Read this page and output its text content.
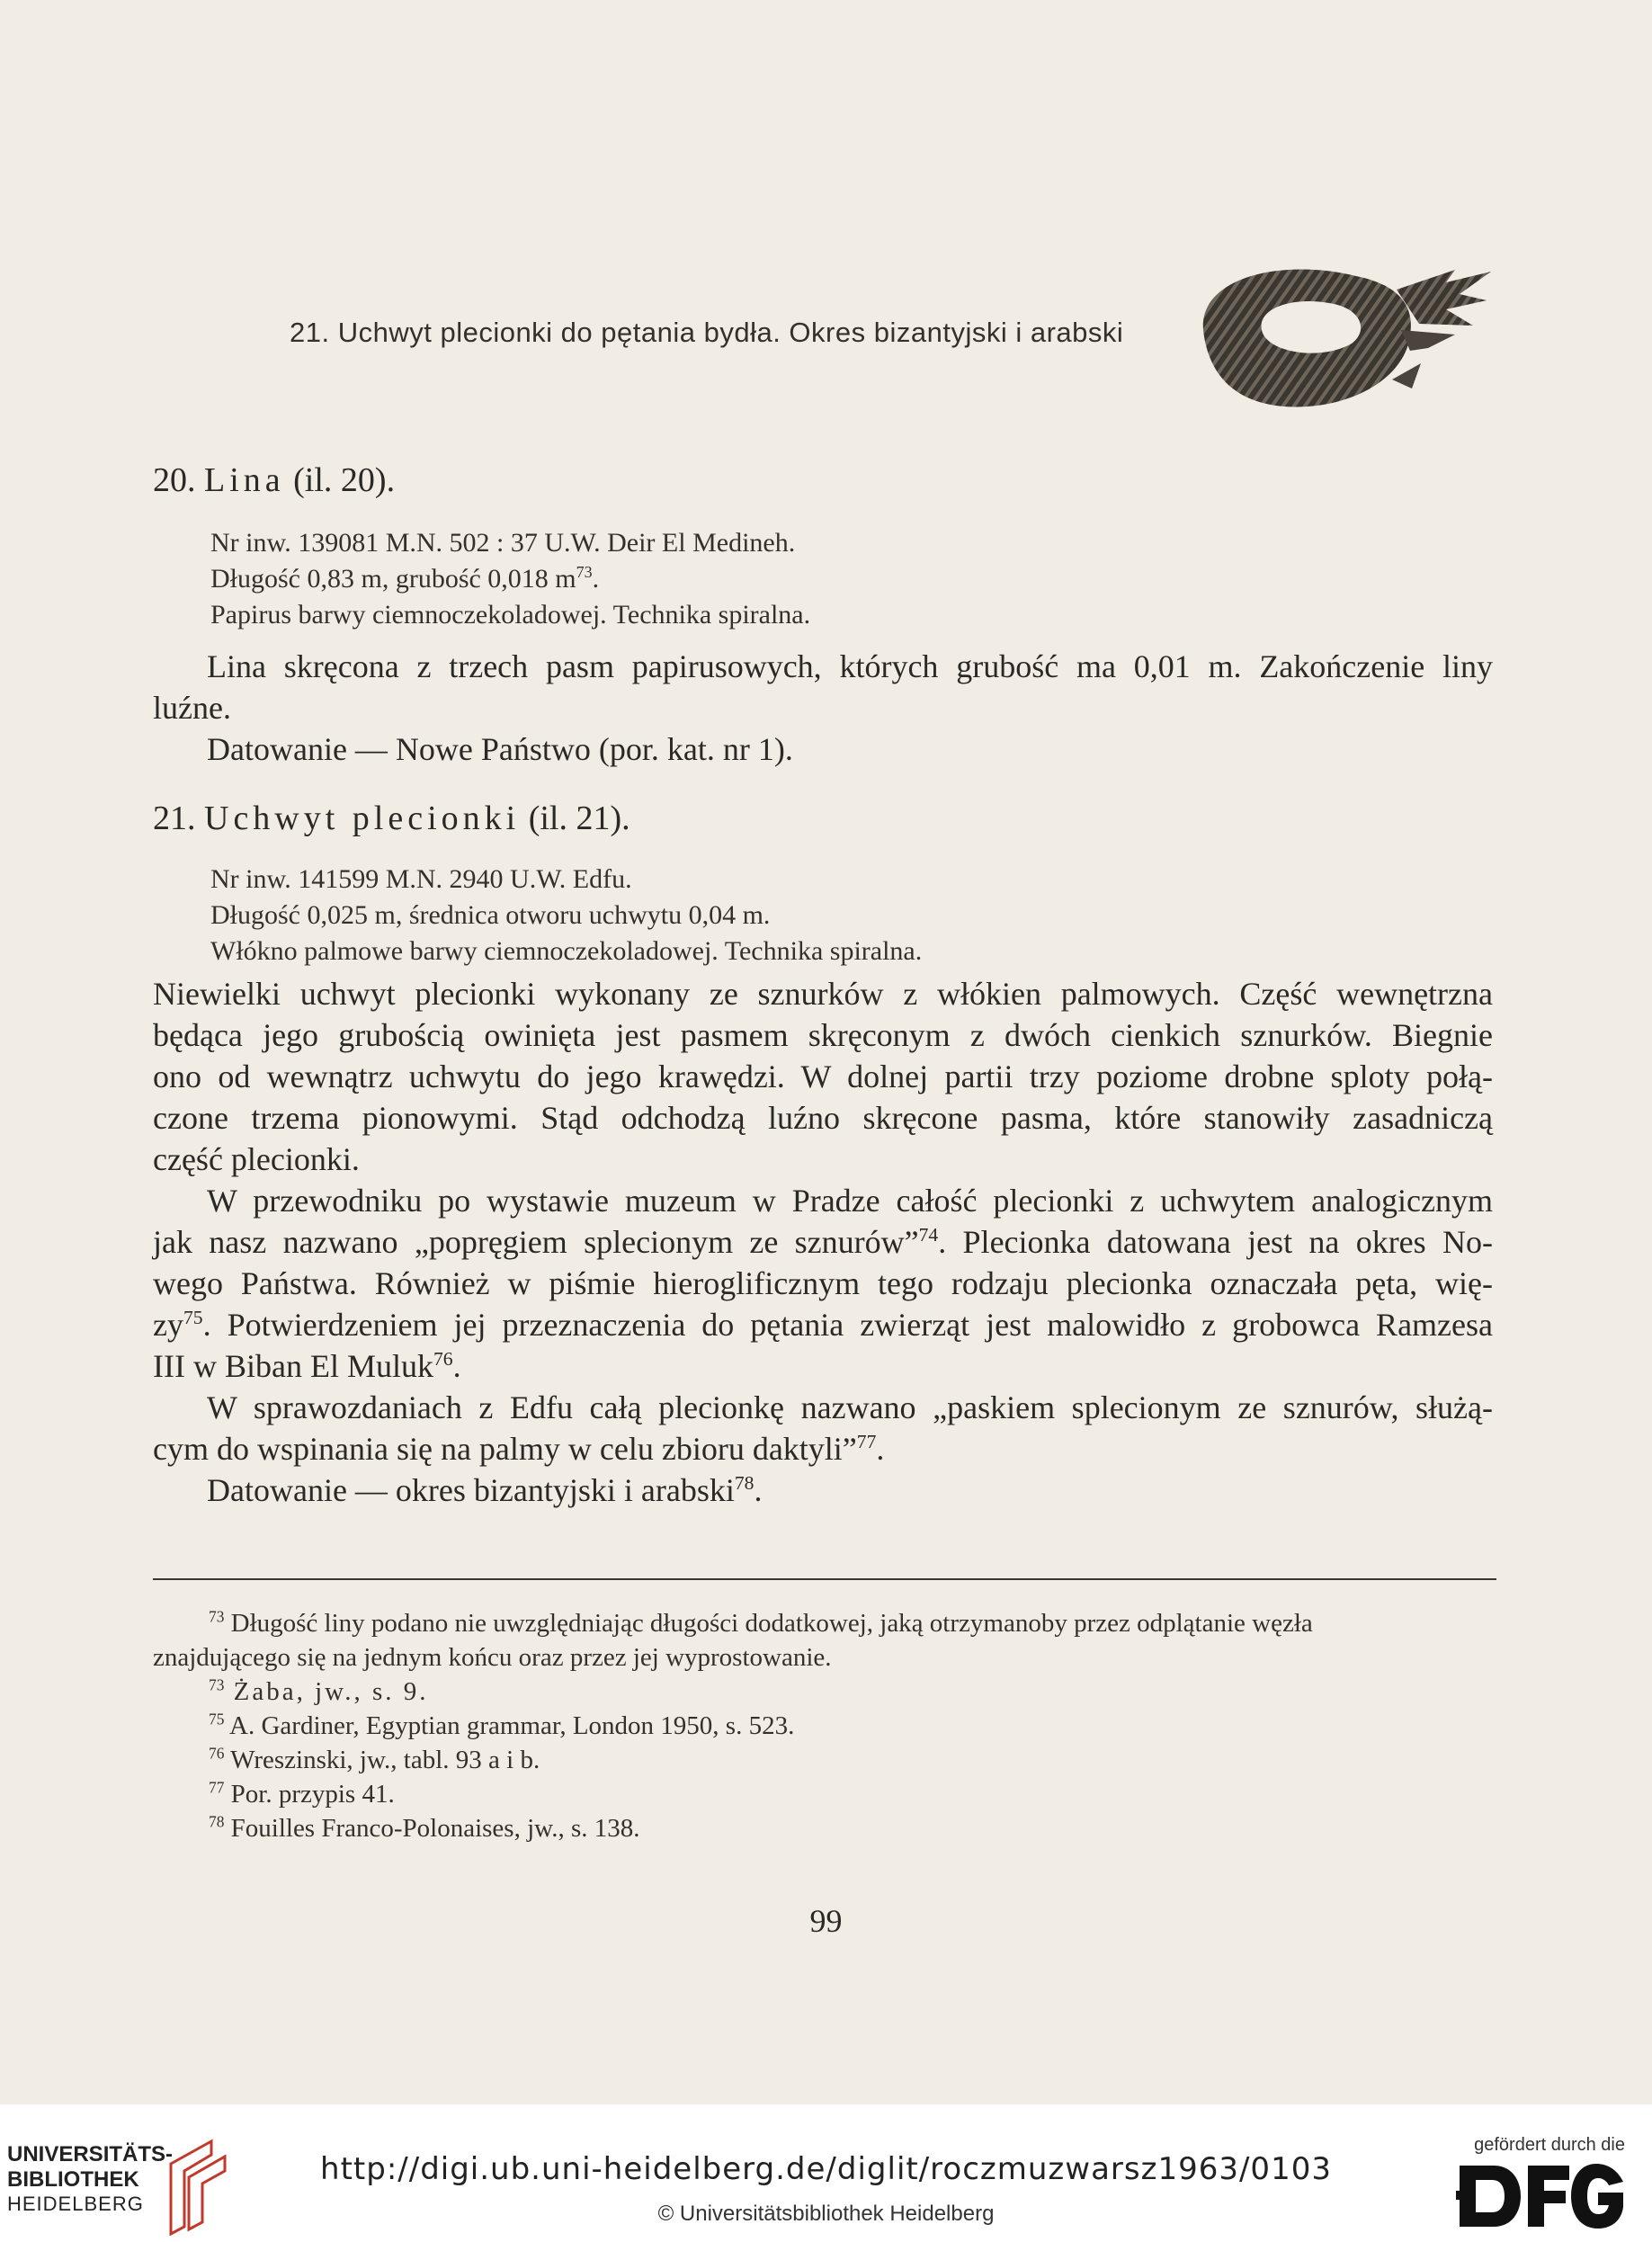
21. Uchwyt plecionki do pętania bydła. Okres bizantyjski i arabski
20. Lina (il. 20).
Nr inw. 139081 M.N. 502 : 37 U.W. Deir El Medineh.
Długość 0,83 m, grubość 0,018 $m^{73}$.
Papirus barwy ciemnoczekoladowej. Technika spiralna.
Lina skręcona z trzech pasm papirusowych, których grubość ma 0,01 m. Zakończenie liny
luźne.
Datowanie — Nowe Państwo (por. kat. nr 1).
21. Uchwyt plecionki (il. 21).
Nr inw. 141599 M.N. 2940 U.W. Edfu.
Długość 0,025 m, średnica otworu uchwytu 0,04 m.
Włókno palmowe barwy ciemnoczekoladowej. Technika spiralna.
Niewielki uchwyt plecionki wykonany ze sznurków z włókien palmowych. Część wewnętrzna
będąca jego grubością owinięta jest pasmem skręconym z dwóch cienkich sznurków. Biegnie
ono od wewnątrz uchwytu do jego krawędzi. W dolnej partii trzy poziome drobne sploty połą-
czone trzema pionowymi. Stąd odchodzą luźno skręcone pasma, które stanowiły zasadniczą
część plecionki.
W przewodniku po wystawie muzeum w Pradze całość plecionki z uchwytem analogicznym
jak nasz nazwano „popręgiem splecionym ze sznurów”$^{74}$. Plecionka datowana jest na okres No-
wego Państwa. Również w piśmie hieroglificznym tego rodzaju plecionka oznaczała pęta, wię-
$zy^{75}$. Potwierdzeniem jej przeznaczenia do pętania zwierząt jest malowidło z grobowca Ramzesa
III w Biban El Muluk$^{76}$.
W sprawozdaniach z Edfu całą plecionkę nazwano „paskiem splecionym ze sznurów, służą-
cym do wspinania się na palmy w celu zbioru daktyli”$^{77}$.
Datowanie — okres bizantyjski i arabski$^{78}$.
$^{73}$ Długość liny podano nie uwzględniając długości dodatkowej, jaką otrzymanoby przez odplątanie węzła
znajdującego się na jednym końcu oraz przez jej wyprostowanie.
$^{73}$ Żaba, jw., s. 9.
$^{75}$ A. Gardiner, Egyptian grammar, London 1950, s. 523.
$^{76}$ Wreszinski, jw., tabl. 93 a i b.
$^{77}$ Por. przypis 41.
$^{78}$ Fouilles Franco-Polonaises, jw., s. 138.
99
UNIVERSITÄTS-
BIBLIOTHEK
HEIDELBERG
http://digi.ub.uni-heidelberg.de/diglit/roczmuzwarsz1963/0103
© Universitätsbibliothek Heidelberg
gefördert durch die
